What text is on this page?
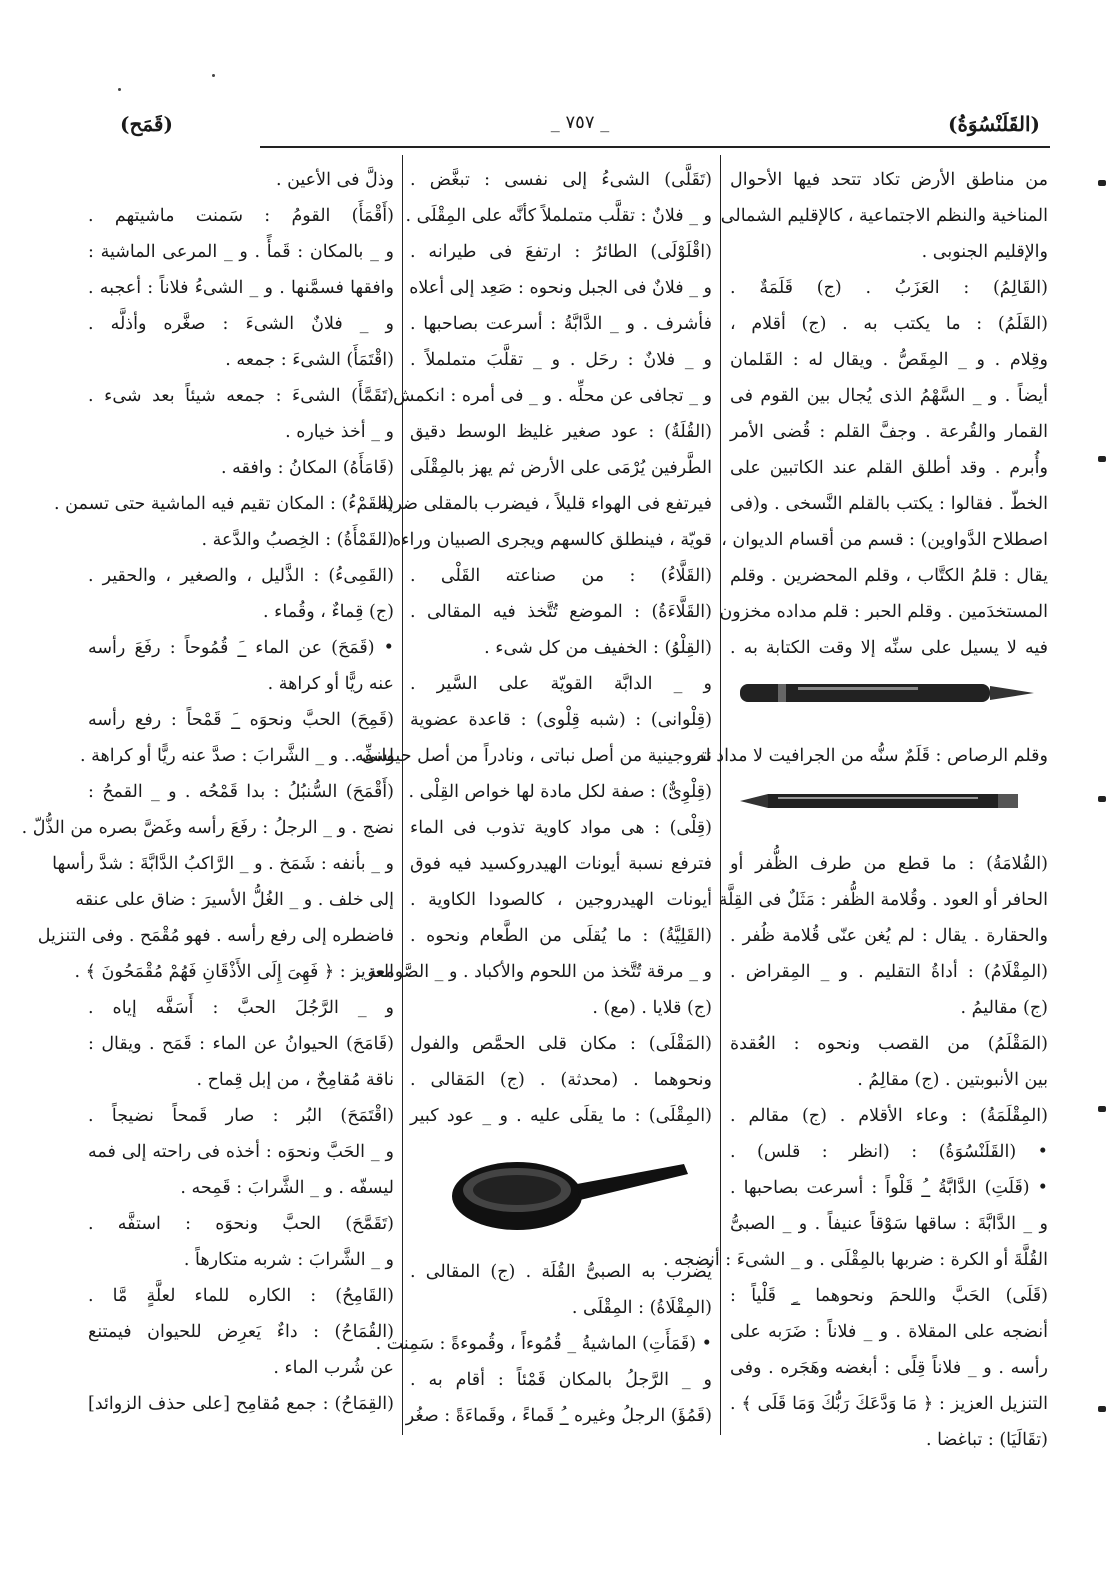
(القَلَنْسُوَةُ)
_ ٧٥٧ _
(قَمَح)
من مناطق الأرض تكاد تتحد فيها الأحوال
المناخية والنظم الاجتماعية ، كالإقليم الشمالى
والإقليم الجنوبى .
(القَالِمُ) : العَزَبُ . (ج) قَلَمَةٌ .
(القَلَمُ) : ما يكتب به . (ج) أقلام ،
وقِلام . و _ المِقَصُّ . ويقال له : القَلمان
أيضاً . و _ السَّهْمُ الذى يُجال بين القوم فى
القمار والقُرعة . وجفَّ القلم : قُضى الأمر
وأُبرم . وقد أطلق القلم عند الكاتبين على
الخطّ . فقالوا : يكتب بالقلم النَّسخى . و(فى
اصطلاح الدَّواوين) : قسم من أقسام الديوان ،
يقال : قلمُ الكتَّاب ، وقلم المحضرين . وقلم
المستخدَمين . وقلم الحبر : قلم مداده مخزون
فيه لا يسيل على سنِّه إلا وقت الكتابة به .
وقلم الرصاص : قَلَمٌ سنُّه من الجرافيت لا مداد له .
(القُلامَةُ) : ما قطع من طرف الظُّفر أو
الحافر أو العود . وقُلامة الظُّفر : مَثَلٌ فى القِلَّة
والحقارة . يقال : لم يُغن عنّى قُلامة ظُفر .
(المِقْلَامُ) : أداةُ التقليم . و _ المِقراض .
(ج) مقاليمُ .
(المَقْلَمُ) من القصب ونحوه : العُقدة
بين الأنبوبتين . (ج) مقالِمُ .
(المِقْلَمَةُ) : وعاء الأقلام . (ج) مقالم .
• (القَلَنْسُوَةُ) : (انظر : قلس) .
• (قَلَتِ) الدَّابَّةُ _ُ قَلْواً : أسرعت بصاحبها .
و _ الدَّابَّةَ : ساقها سَوْقاً عنيفاً . و _ الصبىُّ
القُلَّةَ أو الكرة : ضربها بالمِقْلَى . و _ الشىءَ : أنضجه .
(قَلَى) الحَبَّ واللحمَ ونحوهما _ِ قَلْياً :
أنضجه على المقلاة . و _ فلاناً : ضَرَبه على
رأسه . و _ فلاناً قِلًى : أبغضه وهَجَره . وفى
التنزيل العزيز : ﴿ مَا وَدَّعَكَ رَبُّكَ وَمَا قَلَى ﴾ .
(تقَالَيَا) : تباغضا .
(تَقَلَّى) الشىءُ إلى نفسى : تبغَّض .
و _ فلانٌ : تقلَّب متململاً كأنَّه على المِقْلَى .
(اقْلَوْلَى) الطائرُ : ارتفعَ فى طيرانه .
و _ فلانٌ فى الجبل ونحوه : صَعِد إلى أعلاه
فأشرف . و _ الدَّابَّةُ : أسرعت بصاحبها .
و _ فلانٌ : رحَل . و _ تقلَّبَ متململاً .
و _ تجافى عن محلِّه . و _ فى أمره : انكمش .
(القُلَةُ) : عود صغير غليظ الوسط دقيق
الطَّرفين يُرْمَى على الأرض ثم يهز بالمِقْلَى
فيرتفع فى الهواء قليلاً ، فيضرب بالمقلى ضربة
قويّة ، فينطلق كالسهم ويجرى الصبيان وراءه .
(القَلَّاءُ) : من صناعته القَلْى .
(القَلَّاءَةُ) : الموضع تُتَّخذ فيه المقالى .
(القِلْوُ) : الخفيف من كل شىء .
و _ الدابَّة القويّة على السَّير .
(قِلْوانى) : (شبه قِلْوى) : قاعدة عضوية
نتروجينية من أصل نباتى ، ونادراً من أصل حيوانى .
(قِلْوِىٌّ) : صفة لكل مادة لها خواص القِلْى .
(قِلْى) : هى مواد كاوية تذوب فى الماء
فترفع نسبة أيونات الهيدروكسيد فيه فوق
أيونات الهيدروجين ، كالصودا الكاوية .
(القَلِيَّةُ) : ما يُقلَى من الطَّعام ونحوه .
و _ مرقة تُتَّخذ من اللحوم والأكباد . و _ الصَّومعة .
(ج) قلايا . (مع) .
(المَقْلَى) : مكان قلى الحمَّص والفول
ونحوهما . (محدثة) . (ج) المَقالى .
(المِقْلَى) : ما يقلَى عليه . و _ عود كبير
يُضرب به الصبىُّ القُلَة . (ج) المقالى .
(المِقْلَاةُ) : المِقْلَى .
• (قَمَأَتِ) الماشيةُ _ قُمُوءاً ، وقُموءةً : سَمِنت .
و _ الرَّجلُ بالمكان قَمْئاً : أقام به .
(قَمُؤَ) الرجلُ وغيره _ُ قَماءً ، وقَماءَةً : صغُر
وذلَّ فى الأعين .
(أَقْمَأَ) القومُ : سَمنت ماشيتهم .
و _ بالمكان : قَمأً . و _ المرعى الماشية :
وافقها فسمَّنها . و _ الشىءُ فلاناً : أعجبه .
و _ فلانٌ الشىءَ : صغَّره وأذلَّه .
(اقْتَمَأَ) الشىءَ : جمعه .
(تَقَمَّأَ) الشىءَ : جمعه شيئاً بعد شىء .
و _ أخذ خياره .
(قَامَأَهُ) المكانُ : وافقه .
(القَمْءُ) : المكان تقيم فيه الماشية حتى تسمن .
(القَمْأَةُ) : الخِصبُ والدَّعة .
(القَمِىءُ) : الذَّليل ، والصغير ، والحقير .
(ج) قِماءٌ ، وقُماء .
• (قَمَحَ) عن الماء _َ قُمُوحاً : رفَعَ رأسه
عنه ريًّا أو كراهة .
(قَمِحَ) الحبَّ ونحوَه _َ قَمْحاً : رفع رأسه
لسفِّه . و _ الشَّرابَ : صدَّ عنه ريًّا أو كراهة .
(أَقْمَحَ) السُّنبُلُ : بدا قَمْحُه . و _ القمحُ :
نضج . و _ الرجلُ : رفَعَ رأسه وغَضَّ بصره من الذُّلّ .
و _ بأنفه : شَمَخ . و _ الرَّاكبُ الدَّابَّةَ : شدَّ رأسها
إلى خلف . و _ الغُلُّ الأسيرَ : ضاق على عنقه
فاضطره إلى رفع رأسه . فهو مُقْمَح . وفى التنزيل
العزيز : ﴿ فَهِىَ إِلَى الأَذْقَانِ فَهُمْ مُقْمَحُونَ ﴾ .
و _ الرَّجُلَ الحبَّ : أَسَفَّه إياه .
(قَامَحَ) الحيوانُ عن الماء : قَمَح . ويقال :
ناقة مُقامِحٌ ، من إبل قِماح .
(اقْتَمَحَ) البُر : صار قَمحاً نضيجاً .
و _ الحَبَّ ونحوَه : أخذه فى راحته إلى فمه
ليسفّه . و _ الشَّرابَ : قَمِحه .
(تَقَمَّحَ) الحبَّ ونحوَه : استفَّه .
و _ الشَّرابَ : شربه متكارهاً .
(القَامِحُ) : الكاره للماء لعلَّةٍ مَّا .
(القُمَاحُ) : داءٌ يَعرِض للحيوان فيمتنع
عن شُرب الماء .
(القِمَاحُ) : جمع مُقامِح [على حذف الزوائد]
